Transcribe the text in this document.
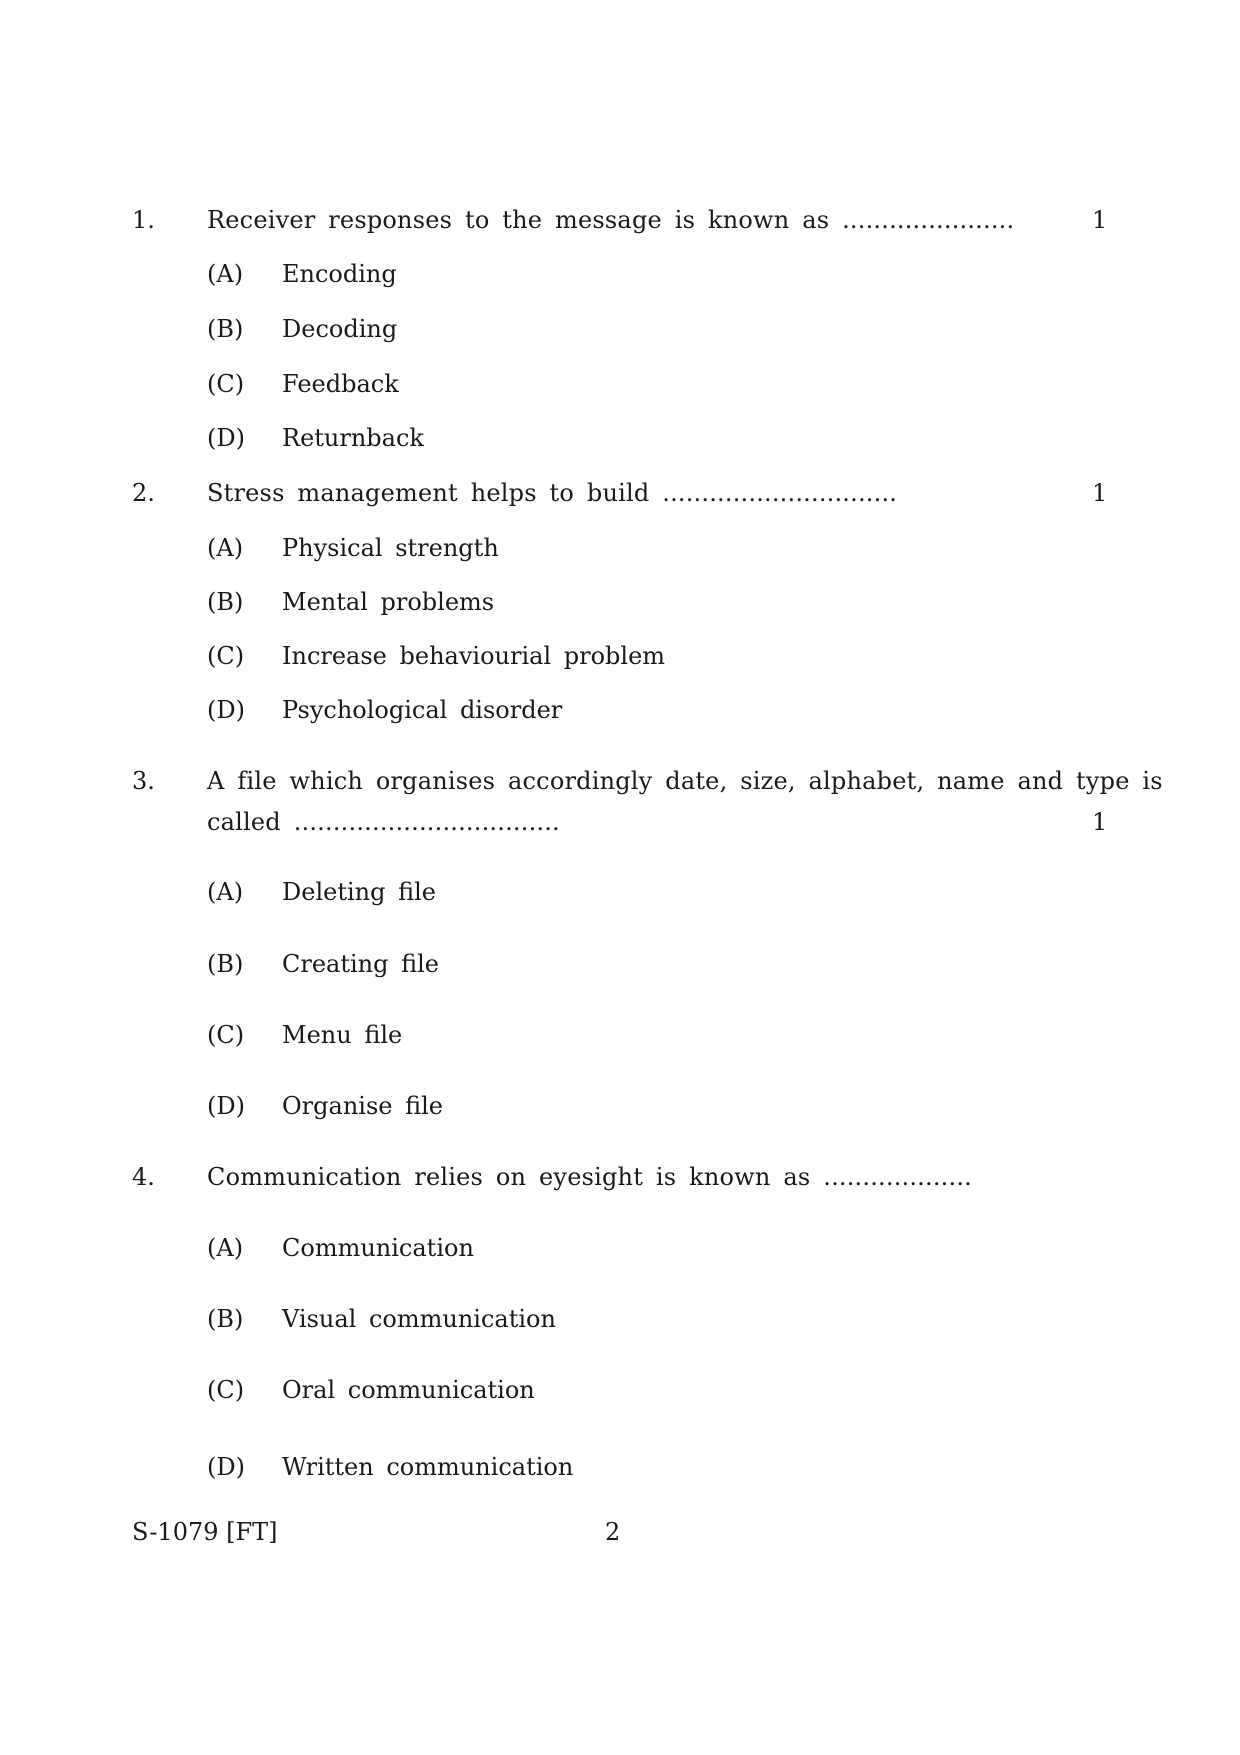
1. Receiver responses to the message is known as ......................	1
(A) Encoding
(B) Decoding
(C) Feedback
(D) Returnback
2. Stress management helps to build ..............................	1
(A) Physical strength
(B) Mental problems
(C) Increase behaviourial problem
(D) Psychological disorder
3. A file which organises accordingly date, size, alphabet, name and type is
called ..................................	1
(A) Deleting file
(B) Creating file
(C) Menu file
(D) Organise file
4. Communication relies on eyesight is known as ...................
(A) Communication
(B) Visual communication
(C) Oral communication
(D) Written communication
S-1079 [FT]	2
